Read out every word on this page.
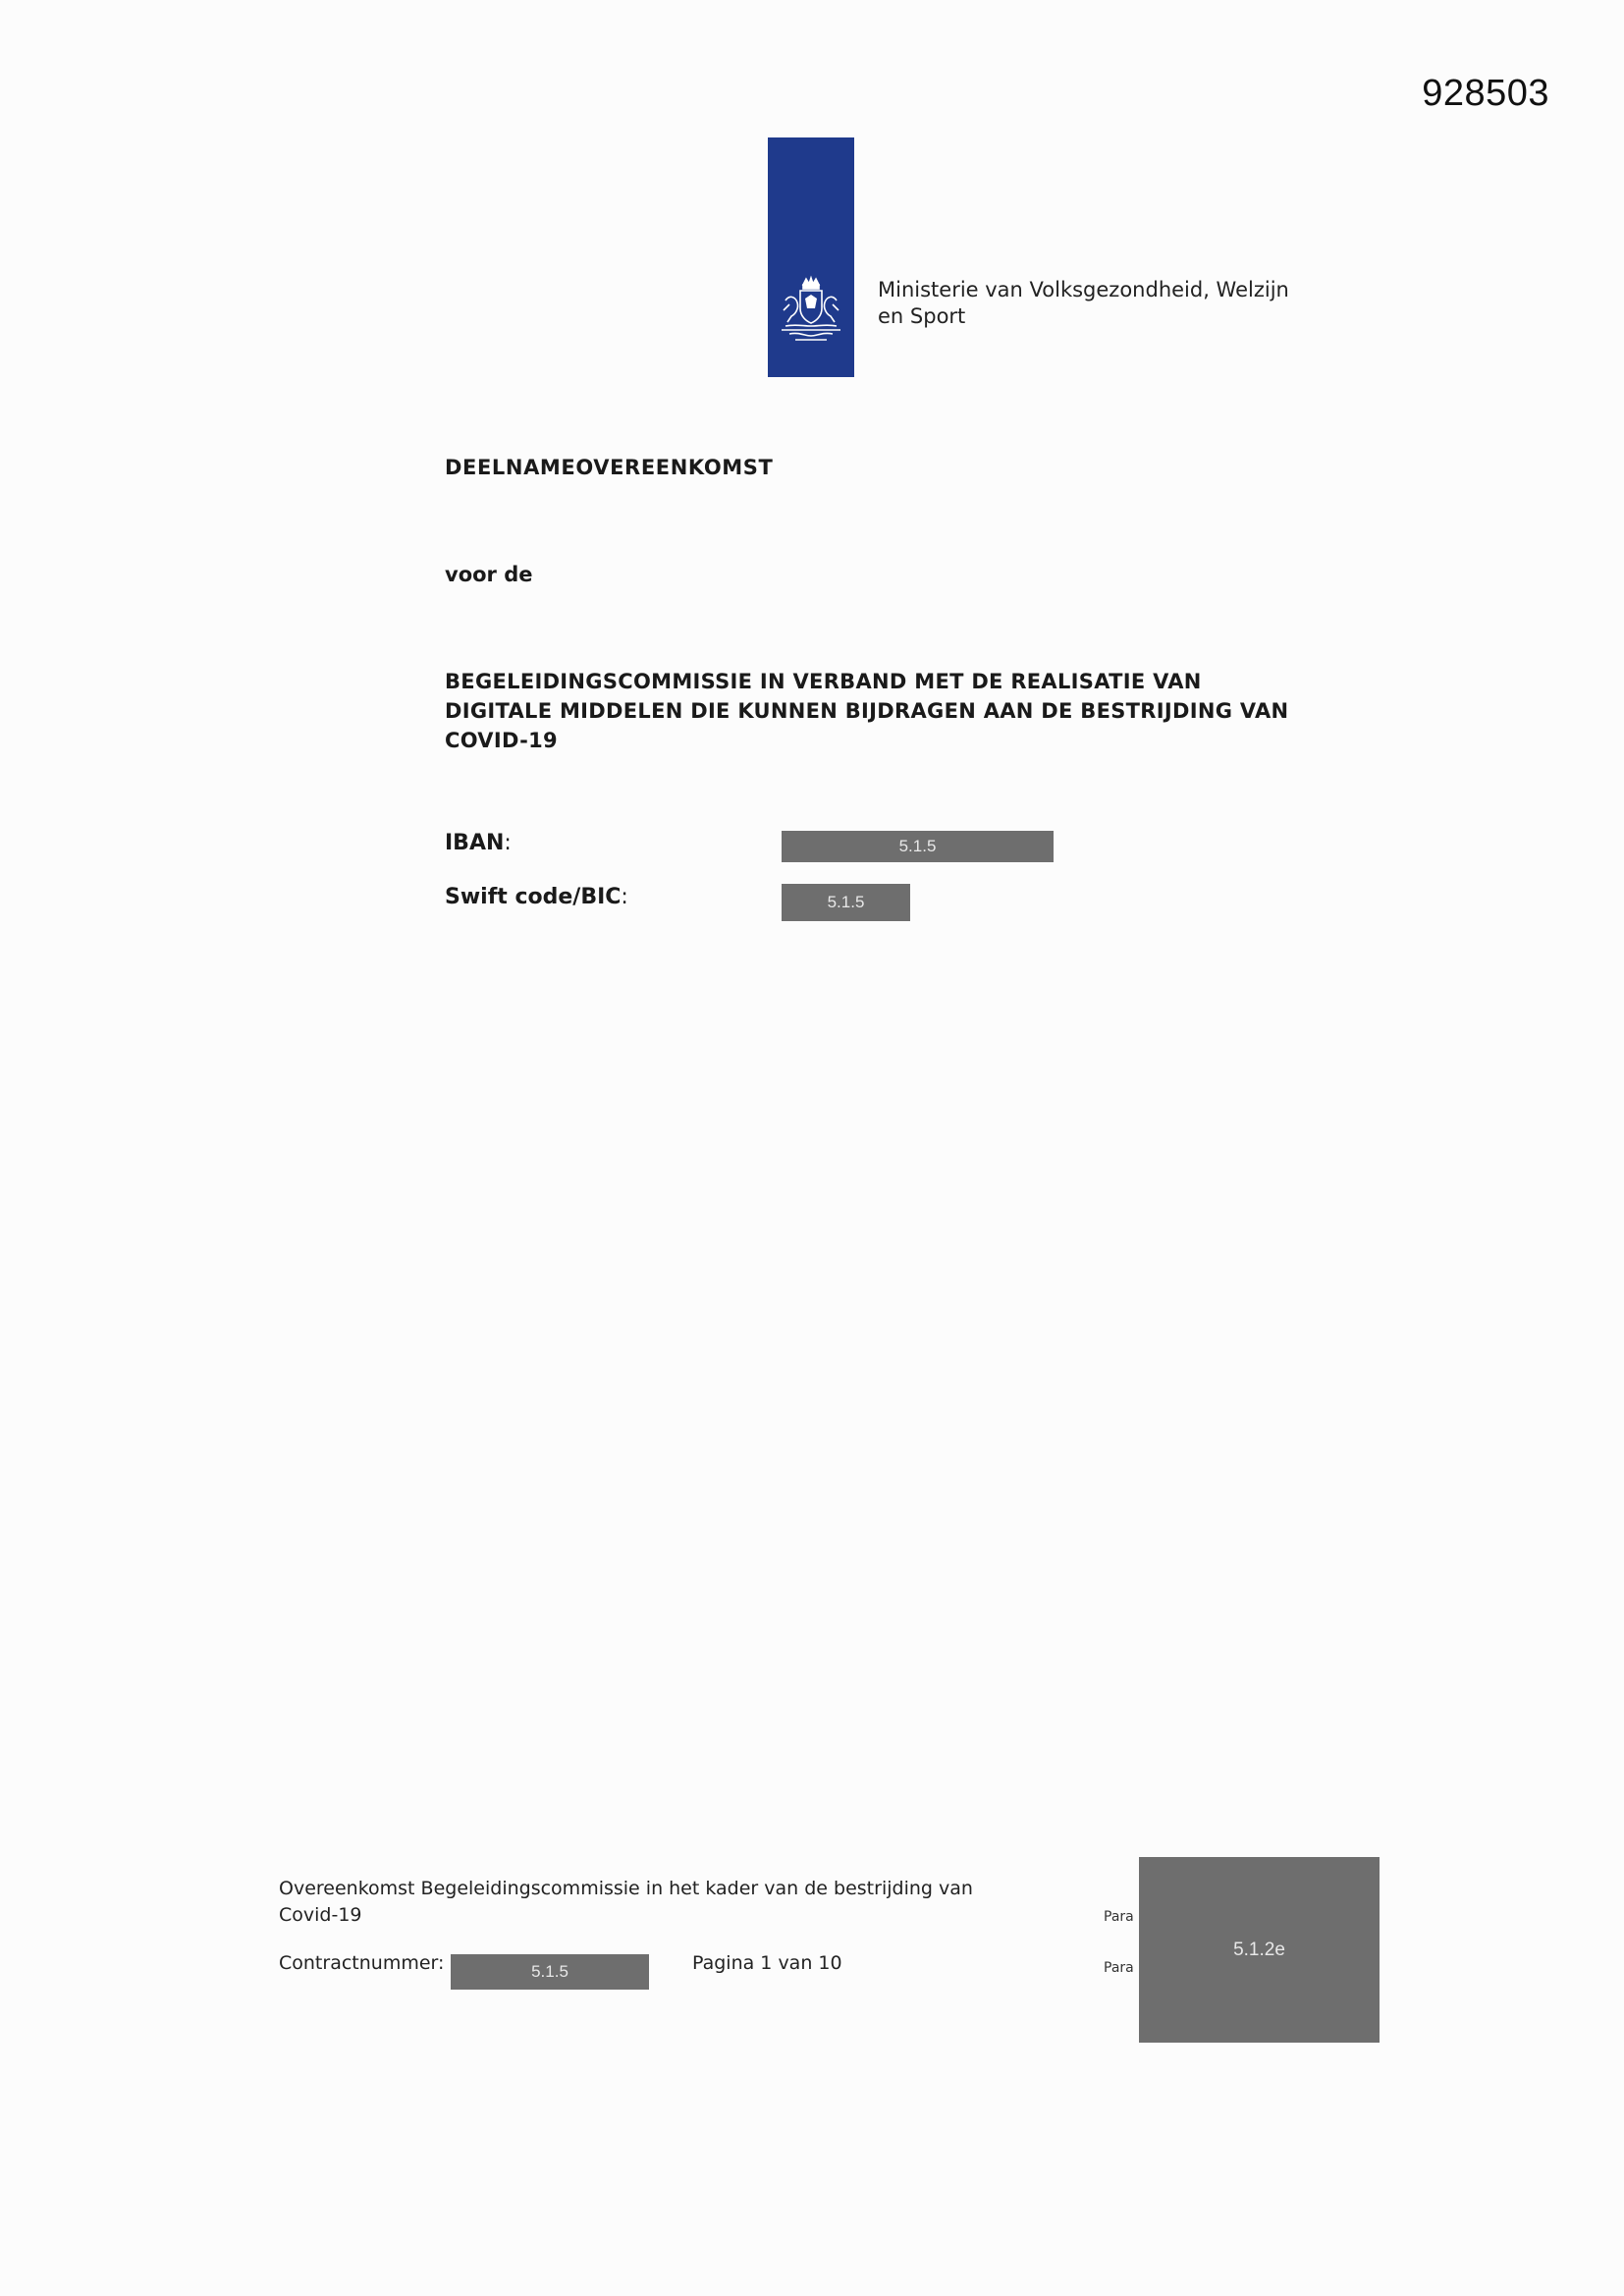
928503
Ministerie van Volksgezondheid, Welzijn
en Sport
DEELNAMEOVEREENKOMST
voor de
BEGELEIDINGSCOMMISSIE IN VERBAND MET DE REALISATIE VAN
DIGITALE MIDDELEN DIE KUNNEN BIJDRAGEN AAN DE BESTRIJDING VAN
COVID-19
IBAN:	5.1.5
Swift code/BIC:	5.1.5
Overeenkomst Begeleidingscommissie in het kader van de bestrijding van
Covid-19
Contractnummer:	5.1.5	Pagina 1 van 10
Para
Para
5.1.2e
